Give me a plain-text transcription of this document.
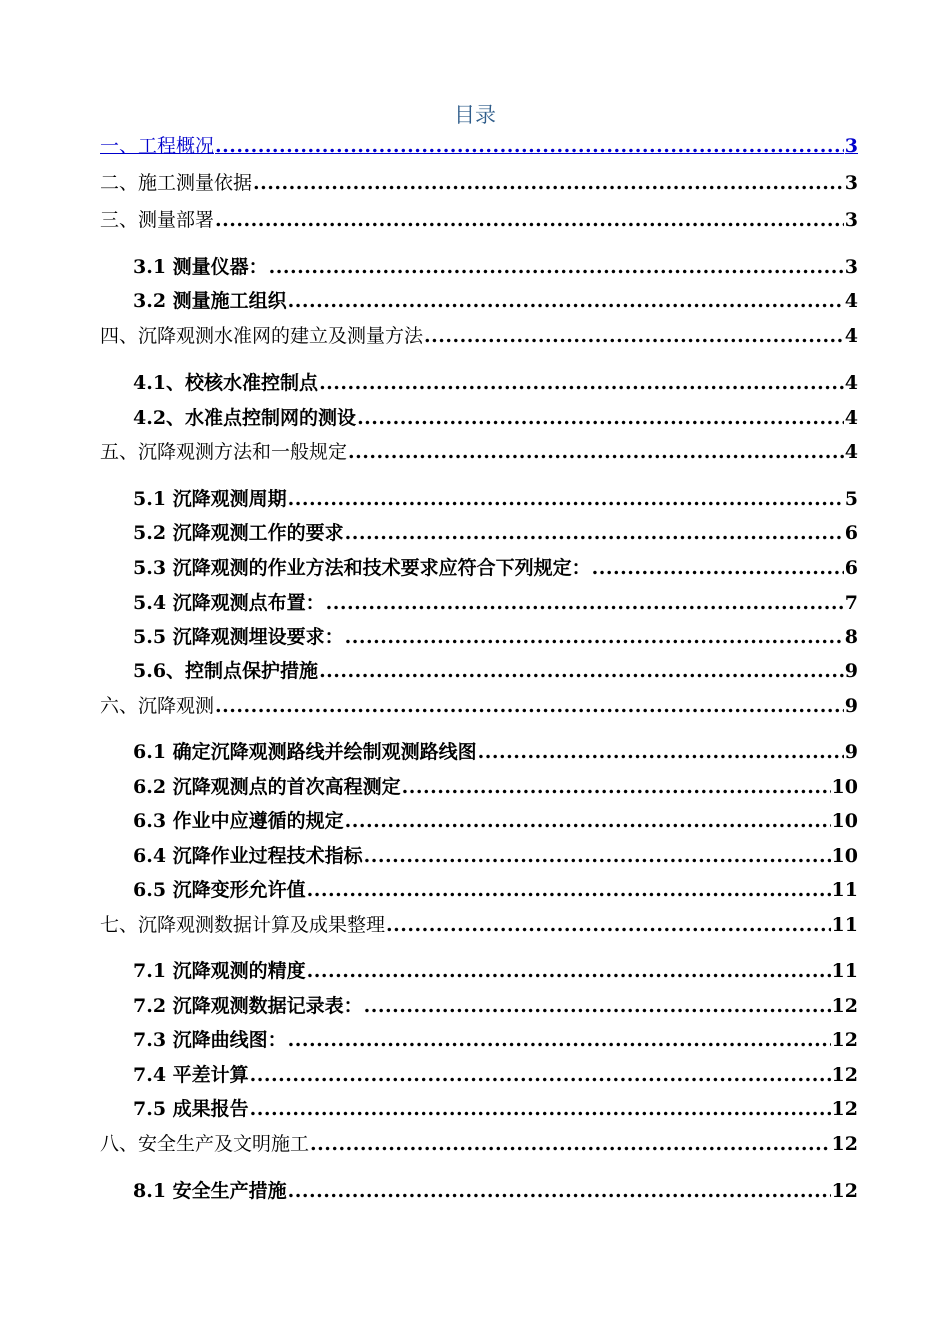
目录
一、工程概况 .....	3
二、施工测量依据 .....	3
三、测量部署 .....	3
3.1 测量仪器： .....	3
3.2 测量施工组织 .....	4
四、沉降观测水准网的建立及测量方法 .....	4
4.1、校核水准控制点 .....	4
4.2、水准点控制网的测设 .....	4
五、沉降观测方法和一般规定 .....	4
5.1 沉降观测周期 .....	5
5.2 沉降观测工作的要求 .....	6
5.3 沉降观测的作业方法和技术要求应符合下列规定： .....	6
5.4 沉降观测点布置： .....	7
5.5 沉降观测埋设要求： .....	8
5.6、控制点保护措施 .....	9
六、沉降观测 .....	9
6.1 确定沉降观测路线并绘制观测路线图 .....	9
6.2 沉降观测点的首次高程测定 .....	10
6.3 作业中应遵循的规定 .....	10
6.4 沉降作业过程技术指标 .....	10
6.5 沉降变形允许值 .....	11
七、沉降观测数据计算及成果整理 .....	11
7.1 沉降观测的精度 .....	11
7.2 沉降观测数据记录表： .....	12
7.3 沉降曲线图： .....	12
7.4 平差计算 .....	12
7.5 成果报告 .....	12
八、安全生产及文明施工 .....	12
8.1 安全生产措施 .....	12
